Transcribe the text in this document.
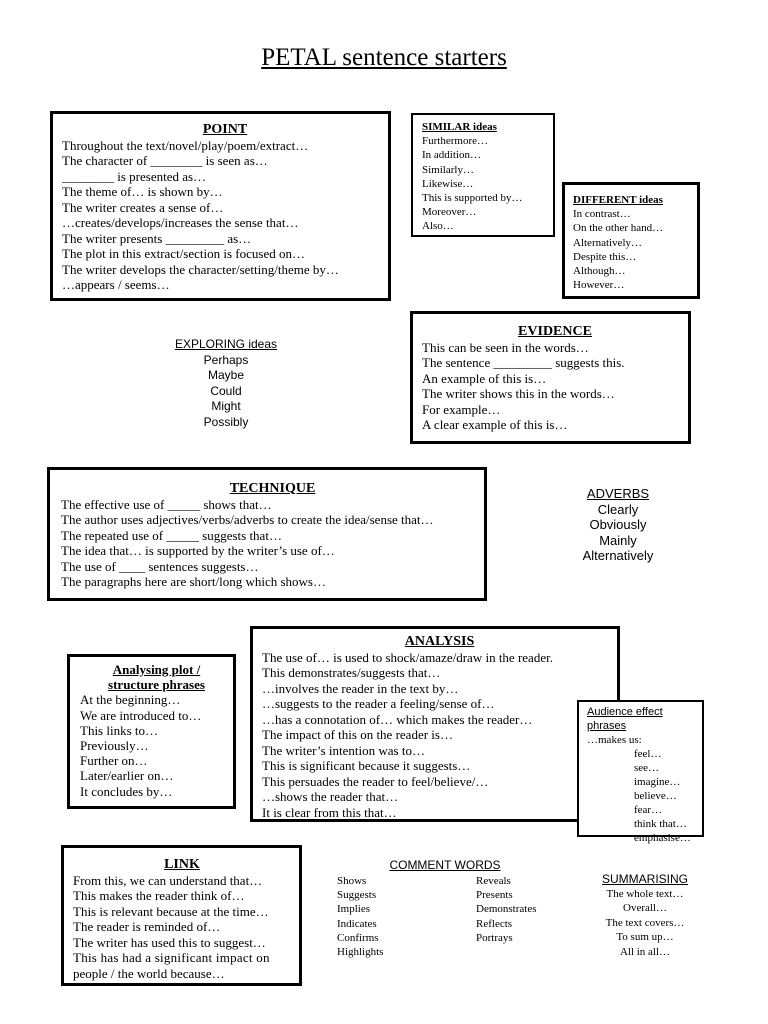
PETAL sentence starters
POINT
Throughout the text/novel/play/poem/extract…
The character of ________ is seen as…
________ is presented as…
The theme of… is shown by…
The writer creates a sense of…
…creates/develops/increases the sense that…
The writer presents _________ as…
The plot in this extract/section is focused on…
The writer develops the character/setting/theme by…
…appears / seems…
SIMILAR ideas
Furthermore…
In addition…
Similarly…
Likewise…
This is supported by…
Moreover…
Also…
DIFFERENT ideas
In contrast…
On the other hand…
Alternatively…
Despite this…
Although…
However…
EXPLORING ideas
Perhaps
Maybe
Could
Might
Possibly
EVIDENCE
This can be seen in the words…
The sentence _________ suggests this.
An example of this is…
The writer shows this in the words…
For example…
A clear example of this is…
TECHNIQUE
The effective use of _____ shows that…
The author uses adjectives/verbs/adverbs to create the idea/sense that…
The repeated use of _____ suggests that…
The idea that… is supported by the writer’s use of…
The use of ____ sentences suggests…
The paragraphs here are short/long which shows…
ADVERBS
Clearly
Obviously
Mainly
Alternatively
ANALYSIS
The use of… is used to shock/amaze/draw in the reader.
This demonstrates/suggests that…
…involves the reader in the text by…
…suggests to the reader a feeling/sense of…
…has a connotation of… which makes the reader…
The impact of this on the reader is…
The writer’s intention was to…
This is significant because it suggests…
This persuades the reader to feel/believe/…
…shows the reader that…
It is clear from this that…
Analysing plot /
structure phrases
At the beginning…
We are introduced to…
This links to…
Previously…
Further on…
Later/earlier on…
It concludes by…
Audience effect phrases
…makes us:
feel…
see…
imagine…
believe…
fear…
think that…
emphasise…
LINK
From this, we can understand that…
This makes the reader think of…
This is relevant because at the time…
The reader is reminded of…
The writer has used this to suggest…
This has had a significant impact on
people / the world because…
COMMENT WORDS
Shows
Suggests
Implies
Indicates
Confirms
Highlights
Reveals
Presents
Demonstrates
Reflects
Portrays
SUMMARISING
The whole text…
Overall…
The text covers…
To sum up…
All in all…
